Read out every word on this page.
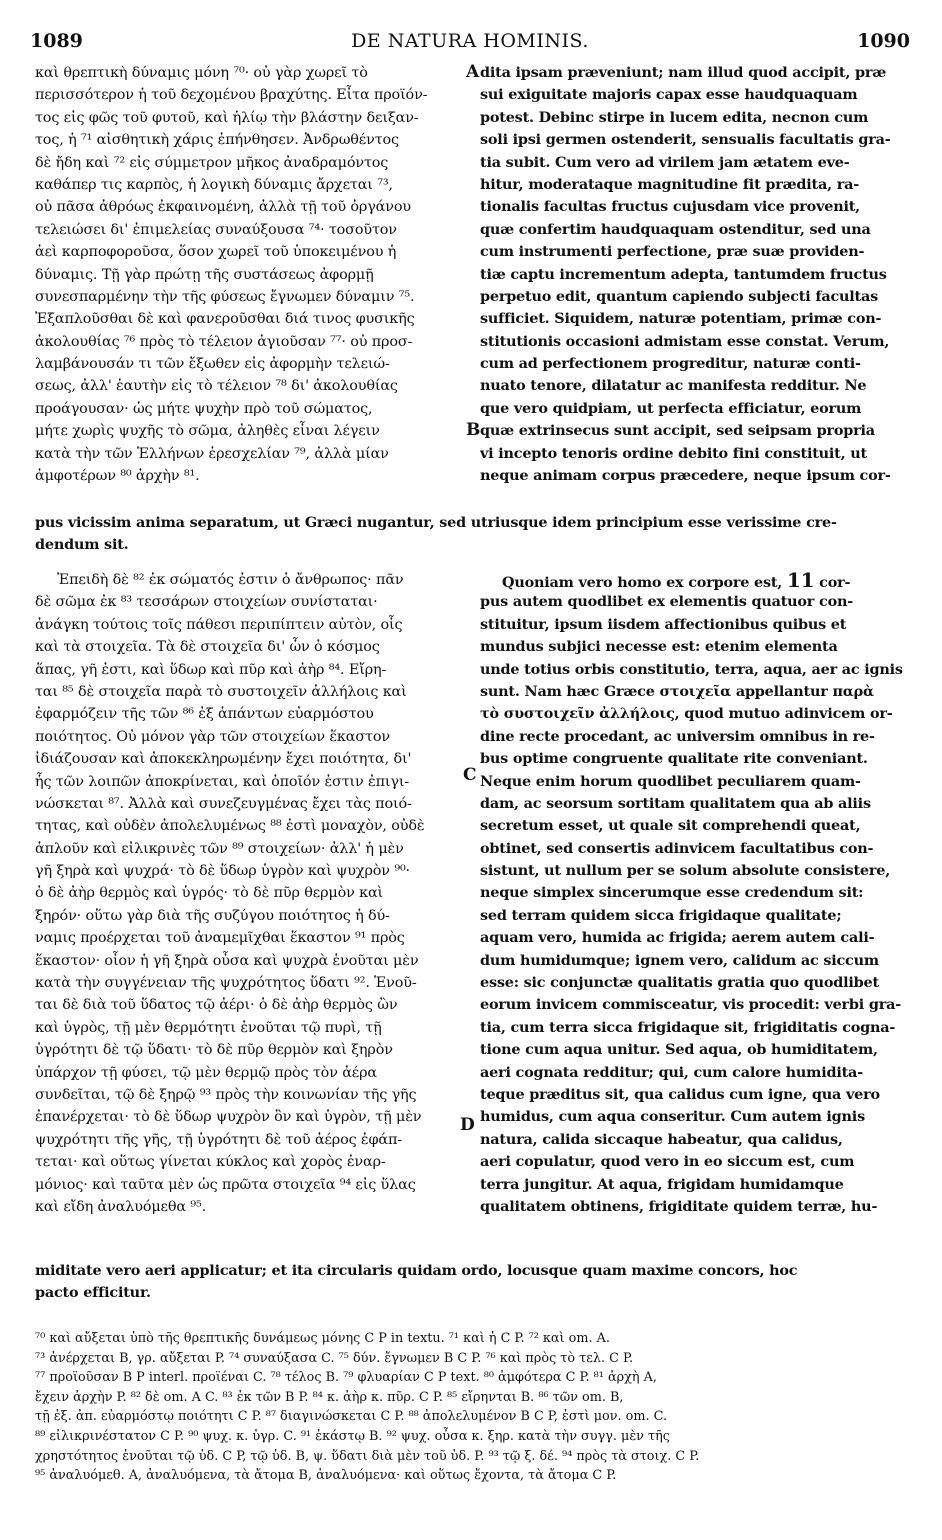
1089	DE NATURA HOMINIS.	1090
καὶ θρεπτικὴ δύναμις μόνη ⁷⁰· οὐ γὰρ χωρεῖ τὸ
περισσότερον ἡ τοῦ δεχομένου βραχύτης. Εἶτα προϊόν-
τος εἰς φῶς τοῦ φυτοῦ, καὶ ἡλίῳ τὴν βλάστην δειξαν-
τος, ἡ ⁷¹ αἰσθητικὴ χάρις ἐπήνθησεν. Ἀνδρωθέντος
δὲ ἤδη καὶ ⁷² εἰς σύμμετρον μῆκος ἀναδραμόντος
καθάπερ τις καρπὸς, ἡ λογικὴ δύναμις ἄρχεται ⁷³,
οὐ πᾶσα ἀθρόως ἐκφαινομένη, ἀλλὰ τῇ τοῦ ὀργάνου
τελειώσει δι' ἐπιμελείας συναύξουσα ⁷⁴· τοσοῦτον
ἀεὶ καρποφοροῦσα, ὅσον χωρεῖ τοῦ ὑποκειμένου ἡ
δύναμις. Τῇ γὰρ πρώτῃ τῆς συστάσεως ἀφορμῇ
συνεσπαρμένην τὴν τῆς φύσεως ἔγνωμεν δύναμιν ⁷⁵.
Ἐξαπλοῦσθαι δὲ καὶ φανεροῦσθαι διά τινος φυσικῆς
ἀκολουθίας ⁷⁶ πρὸς τὸ τέλειον ἀγιοῦσαν ⁷⁷· οὐ προσ-
λαμβάνουσάν τι τῶν ἔξωθεν εἰς ἀφορμὴν τελειώ-
σεως, ἀλλ' ἑαυτὴν εἰς τὸ τέλειον ⁷⁸ δι' ἀκολουθίας
προάγουσαν· ὡς μήτε ψυχὴν πρὸ τοῦ σώματος,
μήτε χωρὶς ψυχῆς τὸ σῶμα, ἀληθὲς εἶναι λέγειν
κατὰ τὴν τῶν Ἑλλήνων ἐρεσχελίαν ⁷⁹, ἀλλὰ μίαν
ἀμφοτέρων ⁸⁰ ἀρχὴν ⁸¹.
dita ipsam præveniunt; nam illud quod accipit, præ
sui exiguitate majoris capax esse haudquaquam
potest. Debinc stirpe in lucem edita, necnon cum
soli ipsi germen ostenderit, sensualis facultatis gra-
tia subit. Cum vero ad virilem jam ætatem eve-
hitur, moderataque magnitudine fit prædita, ra-
tionalis facultas fructus cujusdam vice provenit,
quæ confertim haudquaquam ostenditur, sed una
cum instrumenti perfectione, præ suæ providen-
tiæ captu incrementum adepta, tantumdem fructus
perpetuo edit, quantum capiendo subjecti facultas
sufficiet. Siquidem, naturæ potentiam, primæ con-
stitutionis occasioni admistam esse constat. Verum,
cum ad perfectionem progreditur, naturæ conti-
nuato tenore, dilatatur ac manifesta redditur. Ne
que vero quidpiam, ut perfecta efficiatur, eorum
quæ extrinsecus sunt accipit, sed seipsam propria
vi incepto tenoris ordine debito fini constituit, ut
neque animam corpus præcedere, neque ipsum cor-
A
B
C
D
pus vicissim anima separatum, ut Græci nugantur, sed utriusque idem principium esse verissime cre-
dendum sit.
Ἐπειδὴ δὲ ⁸² ἐκ σώματός ἐστιν ὁ ἄνθρωπος· πᾶν
δὲ σῶμα ἐκ ⁸³ τεσσάρων στοιχείων συνίσταται·
ἀνάγκη τούτοις τοῖς πάθεσι περιπίπτειν αὐτὸν, οἷς
καὶ τὰ στοιχεῖα. Τὰ δὲ στοιχεῖα δι' ὧν ὁ κόσμος
ἅπας, γῆ ἐστι, καὶ ὕδωρ καὶ πῦρ καὶ ἀὴρ ⁸⁴. Εἴρη-
ται ⁸⁵ δὲ στοιχεῖα παρὰ τὸ συστοιχεῖν ἀλλήλοις καὶ
ἐφαρμόζειν τῆς τῶν ⁸⁶ ἐξ ἁπάντων εὐαρμόστου
ποιότητος. Οὐ μόνον γὰρ τῶν στοιχείων ἕκαστον
ἰδιάζουσαν καὶ ἀποκεκληρωμένην ἔχει ποιότητα, δι'
ἧς τῶν λοιπῶν ἀποκρίνεται, καὶ ὁποῖόν ἐστιν ἐπιγι-
νώσκεται ⁸⁷. Ἀλλὰ καὶ συνεζευγμένας ἔχει τὰς ποιό-
τητας, καὶ οὐδὲν ἀπολελυμένως ⁸⁸ ἐστὶ μοναχὸν, οὐδὲ
ἁπλοῦν καὶ εἰλικρινὲς τῶν ⁸⁹ στοιχείων· ἀλλ' ἡ μὲν
γῆ ξηρὰ καὶ ψυχρά· τὸ δὲ ὕδωρ ὑγρὸν καὶ ψυχρὸν ⁹⁰·
ὁ δὲ ἀὴρ θερμὸς καὶ ὑγρός· τὸ δὲ πῦρ θερμὸν καὶ
ξηρόν· οὕτω γὰρ διὰ τῆς συζύγου ποιότητος ἡ δύ-
ναμις προέρχεται τοῦ ἀναμεμῖχθαι ἕκαστον ⁹¹ πρὸς
ἕκαστον· οἷον ἡ γῆ ξηρὰ οὖσα καὶ ψυχρὰ ἑνοῦται μὲν
κατὰ τὴν συγγένειαν τῆς ψυχρότητος ὕδατι ⁹². Ἑνοῦ-
ται δὲ διὰ τοῦ ὕδατος τῷ ἀέρι· ὁ δὲ ἀὴρ θερμὸς ὢν
καὶ ὑγρὸς, τῇ μὲν θερμότητι ἑνοῦται τῷ πυρὶ, τῇ
ὑγρότητι δὲ τῷ ὕδατι· τὸ δὲ πῦρ θερμὸν καὶ ξηρὸν
ὑπάρχον τῇ φύσει, τῷ μὲν θερμῷ πρὸς τὸν ἀέρα
συνδεῖται, τῷ δὲ ξηρῷ ⁹³ πρὸς τὴν κοινωνίαν τῆς γῆς
ἐπανέρχεται· τὸ δὲ ὕδωρ ψυχρὸν ὂν καὶ ὑγρὸν, τῇ μὲν
ψυχρότητι τῆς γῆς, τῇ ὑγρότητι δὲ τοῦ ἀέρος ἐφάπ-
τεται· καὶ οὕτως γίνεται κύκλος καὶ χορὸς ἐναρ-
μόνιος· καὶ ταῦτα μὲν ὡς πρῶτα στοιχεῖα ⁹⁴ εἰς ὕλας
καὶ εἴδη ἀναλυόμεθα ⁹⁵.
Quoniam vero homo ex corpore est, 11 cor-
pus autem quodlibet ex elementis quatuor con-
stituitur, ipsum iisdem affectionibus quibus et
mundus subjici necesse est: etenim elementa
unde totius orbis constitutio, terra, aqua, aer ac ignis
sunt. Nam hæc Græce στοιχεῖα appellantur παρὰ
τὸ συστοιχεῖν ἀλλήλοις, quod mutuo adinvicem or-
dine recte procedant, ac universim omnibus in re-
bus optime congruente qualitate rite conveniant.
Neque enim horum quodlibet peculiarem quam-
dam, ac seorsum sortitam qualitatem qua ab aliis
secretum esset, ut quale sit comprehendi queat,
obtinet, sed consertis adinvicem facultatibus con-
sistunt, ut nullum per se solum absolute consistere,
neque simplex sincerumque esse credendum sit:
sed terram quidem sicca frigidaque qualitate;
aquam vero, humida ac frigida; aerem autem cali-
dum humidumque; ignem vero, calidum ac siccum
esse: sic conjunctæ qualitatis gratia quo quodlibet
eorum invicem commisceatur, vis procedit: verbi gra-
tia, cum terra sicca frigidaque sit, frigiditatis cogna-
tione cum aqua unitur. Sed aqua, ob humiditatem,
aeri cognata redditur; qui, cum calore humidita-
teque præditus sit, qua calidus cum igne, qua vero
humidus, cum aqua conseritur. Cum autem ignis
natura, calida siccaque habeatur, qua calidus,
aeri copulatur, quod vero in eo siccum est, cum
terra jungitur. At aqua, frigidam humidamque
qualitatem obtinens, frigiditate quidem terræ, hu-
miditate vero aeri applicatur; et ita circularis quidam ordo, locusque quam maxime concors, hoc
pacto efficitur.
⁷⁰ καὶ αὔξεται ὑπὸ τῆς θρεπτικῆς δυνάμεως μόνης C P in textu. ⁷¹ καὶ ἡ C P. ⁷² καὶ om. A.
⁷³ ἀνέρχεται B, γρ. αὔξεται P. ⁷⁴ συναύξασα C. ⁷⁵ δύν. ἔγνωμεν B C P. ⁷⁶ καὶ πρὸς τὸ τελ. C P.
⁷⁷ προϊοῦσαν B P interl. προϊέναι C. ⁷⁸ τέλος B. ⁷⁹ φλυαρίαν C P text. ⁸⁰ ἀμφότερα C P. ⁸¹ ἀρχὴ A,
ἔχειν ἀρχὴν P. ⁸² δὲ om. A C. ⁸³ ἐκ τῶν B P. ⁸⁴ κ. ἀὴρ κ. πῦρ. C P. ⁸⁵ εἴρηνται B. ⁸⁶ τῶν om. B,
τῇ ἐξ. ἀπ. εὐαρμόστῳ ποιότητι C P. ⁸⁷ διαγινώσκεται C P. ⁸⁸ ἀπολελυμένον B C P, ἐστὶ μον. om. C.
⁸⁹ εἰλικρινέστατον C P. ⁹⁰ ψυχ. κ. ὑγρ. C. ⁹¹ ἑκάστῳ B. ⁹² ψυχ. οὖσα κ. ξηρ. κατὰ τὴν συγγ. μὲν τῆς
χρηστότητος ἑνοῦται τῷ ὑδ. C P, τῷ ὑδ. B, ψ. ὕδατι διὰ μὲν τοῦ ὑδ. P. ⁹³ τῷ ξ. δέ. ⁹⁴ πρὸς τὰ στοιχ. C P.
⁹⁵ ἀναλυόμεθ. A, ἀναλυόμενα, τὰ ἄτομα B, ἀναλυόμενα· καὶ οὕτως ἔχοντα, τὰ ἄτομα C P.
